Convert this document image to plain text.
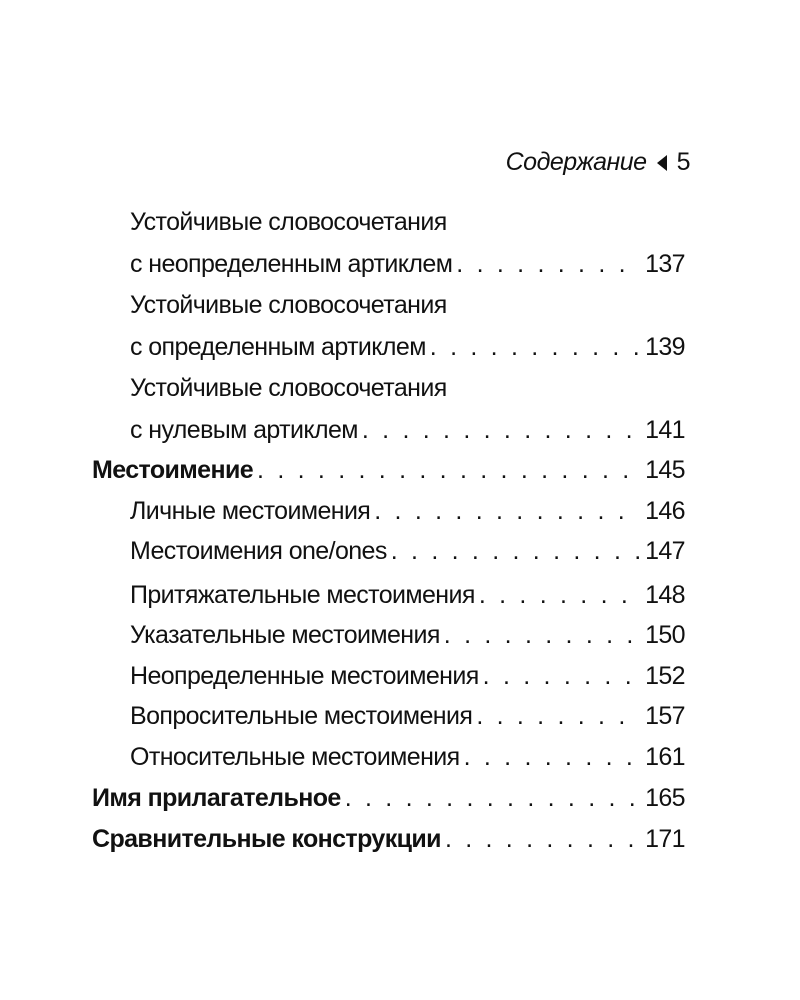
Содержание 5
Устойчивые словосочетания
с неопределенным артиклем . . .	137
Устойчивые словосочетания
с определенным артиклем . . .	139
Устойчивые словосочетания
с нулевым артиклем . . .	141
Местоимение . . .	145
Личные местоимения . . .	146
Местоимения one/ones . . .	147
Притяжательные местоимения . . .	148
Указательные местоимения . . .	150
Неопределенные местоимения . . .	152
Вопросительные местоимения . . .	157
Относительные местоимения . . .	161
Имя прилагательное . . .	165
Сравнительные конструкции . . .	171
